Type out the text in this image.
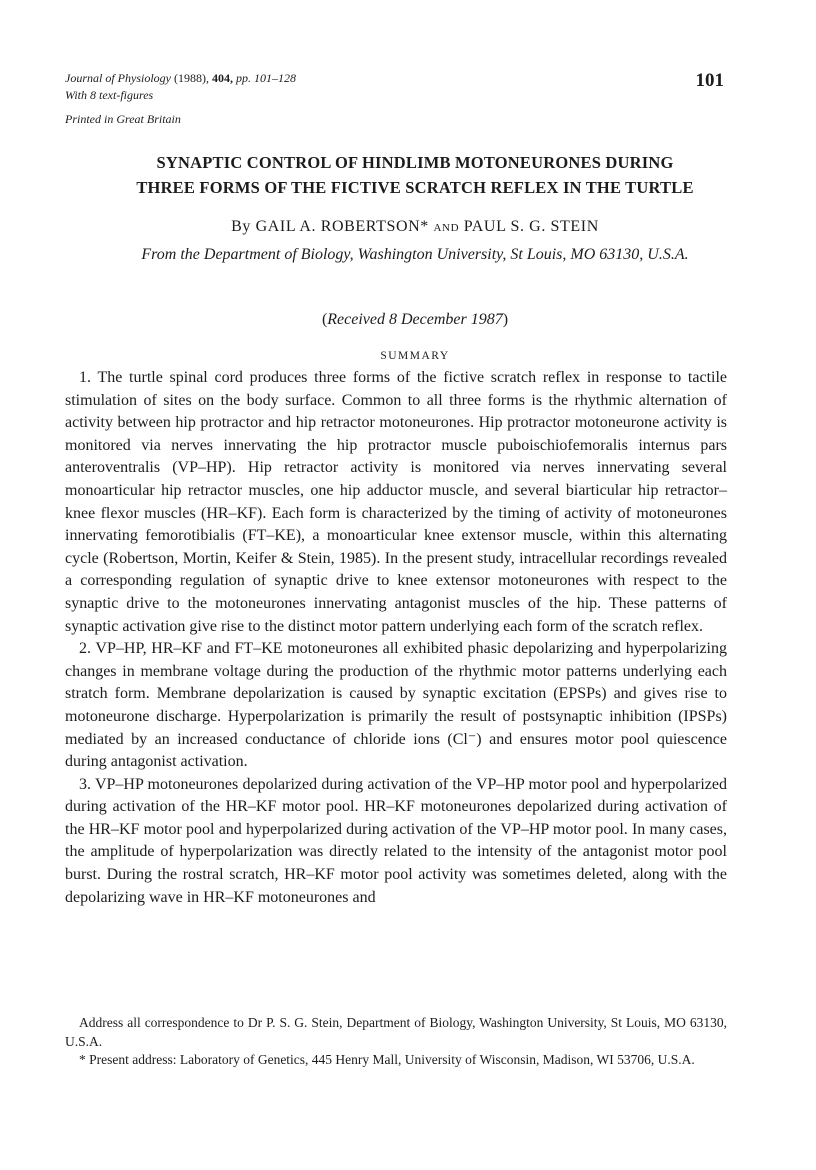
Journal of Physiology (1988), 404, pp. 101–128
With 8 text-figures
Printed in Great Britain
101
SYNAPTIC CONTROL OF HINDLIMB MOTONEURONES DURING
THREE FORMS OF THE FICTIVE SCRATCH REFLEX IN THE TURTLE
By GAIL A. ROBERTSON* and PAUL S. G. STEIN
From the Department of Biology, Washington University, St Louis, MO 63130, U.S.A.
(Received 8 December 1987)
SUMMARY

1. The turtle spinal cord produces three forms of the fictive scratch reflex in response to tactile stimulation of sites on the body surface. Common to all three forms is the rhythmic alternation of activity between hip protractor and hip retractor motoneurones. Hip protractor motoneurone activity is monitored via nerves innervating the hip protractor muscle puboischiofemoralis internus pars anteroventralis (VP–HP). Hip retractor activity is monitored via nerves innervating several monoarticular hip retractor muscles, one hip adductor muscle, and several biarticular hip retractor–knee flexor muscles (HR–KF). Each form is characterized by the timing of activity of motoneurones innervating femorotibialis (FT–KE), a monoarticular knee extensor muscle, within this alternating cycle (Robertson, Mortin, Keifer & Stein, 1985). In the present study, intracellular recordings revealed a corresponding regulation of synaptic drive to knee extensor motoneurones with respect to the synaptic drive to the motoneurones innervating antagonist muscles of the hip. These patterns of synaptic activation give rise to the distinct motor pattern underlying each form of the scratch reflex.

2. VP–HP, HR–KF and FT–KE motoneurones all exhibited phasic depolarizing and hyperpolarizing changes in membrane voltage during the production of the rhythmic motor patterns underlying each stratch form. Membrane depolarization is caused by synaptic excitation (EPSPs) and gives rise to motoneurone discharge. Hyperpolarization is primarily the result of postsynaptic inhibition (IPSPs) mediated by an increased conductance of chloride ions (Cl⁻) and ensures motor pool quiescence during antagonist activation.

3. VP–HP motoneurones depolarized during activation of the VP–HP motor pool and hyperpolarized during activation of the HR–KF motor pool. HR–KF motoneurones depolarized during activation of the HR–KF motor pool and hyperpolarized during activation of the VP–HP motor pool. In many cases, the amplitude of hyperpolarization was directly related to the intensity of the antagonist motor pool burst. During the rostral scratch, HR–KF motor pool activity was sometimes deleted, along with the depolarizing wave in HR–KF motoneurones and

Address all correspondence to Dr P. S. G. Stein, Department of Biology, Washington University, St Louis, MO 63130, U.S.A.

* Present address: Laboratory of Genetics, 445 Henry Mall, University of Wisconsin, Madison, WI 53706, U.S.A.
